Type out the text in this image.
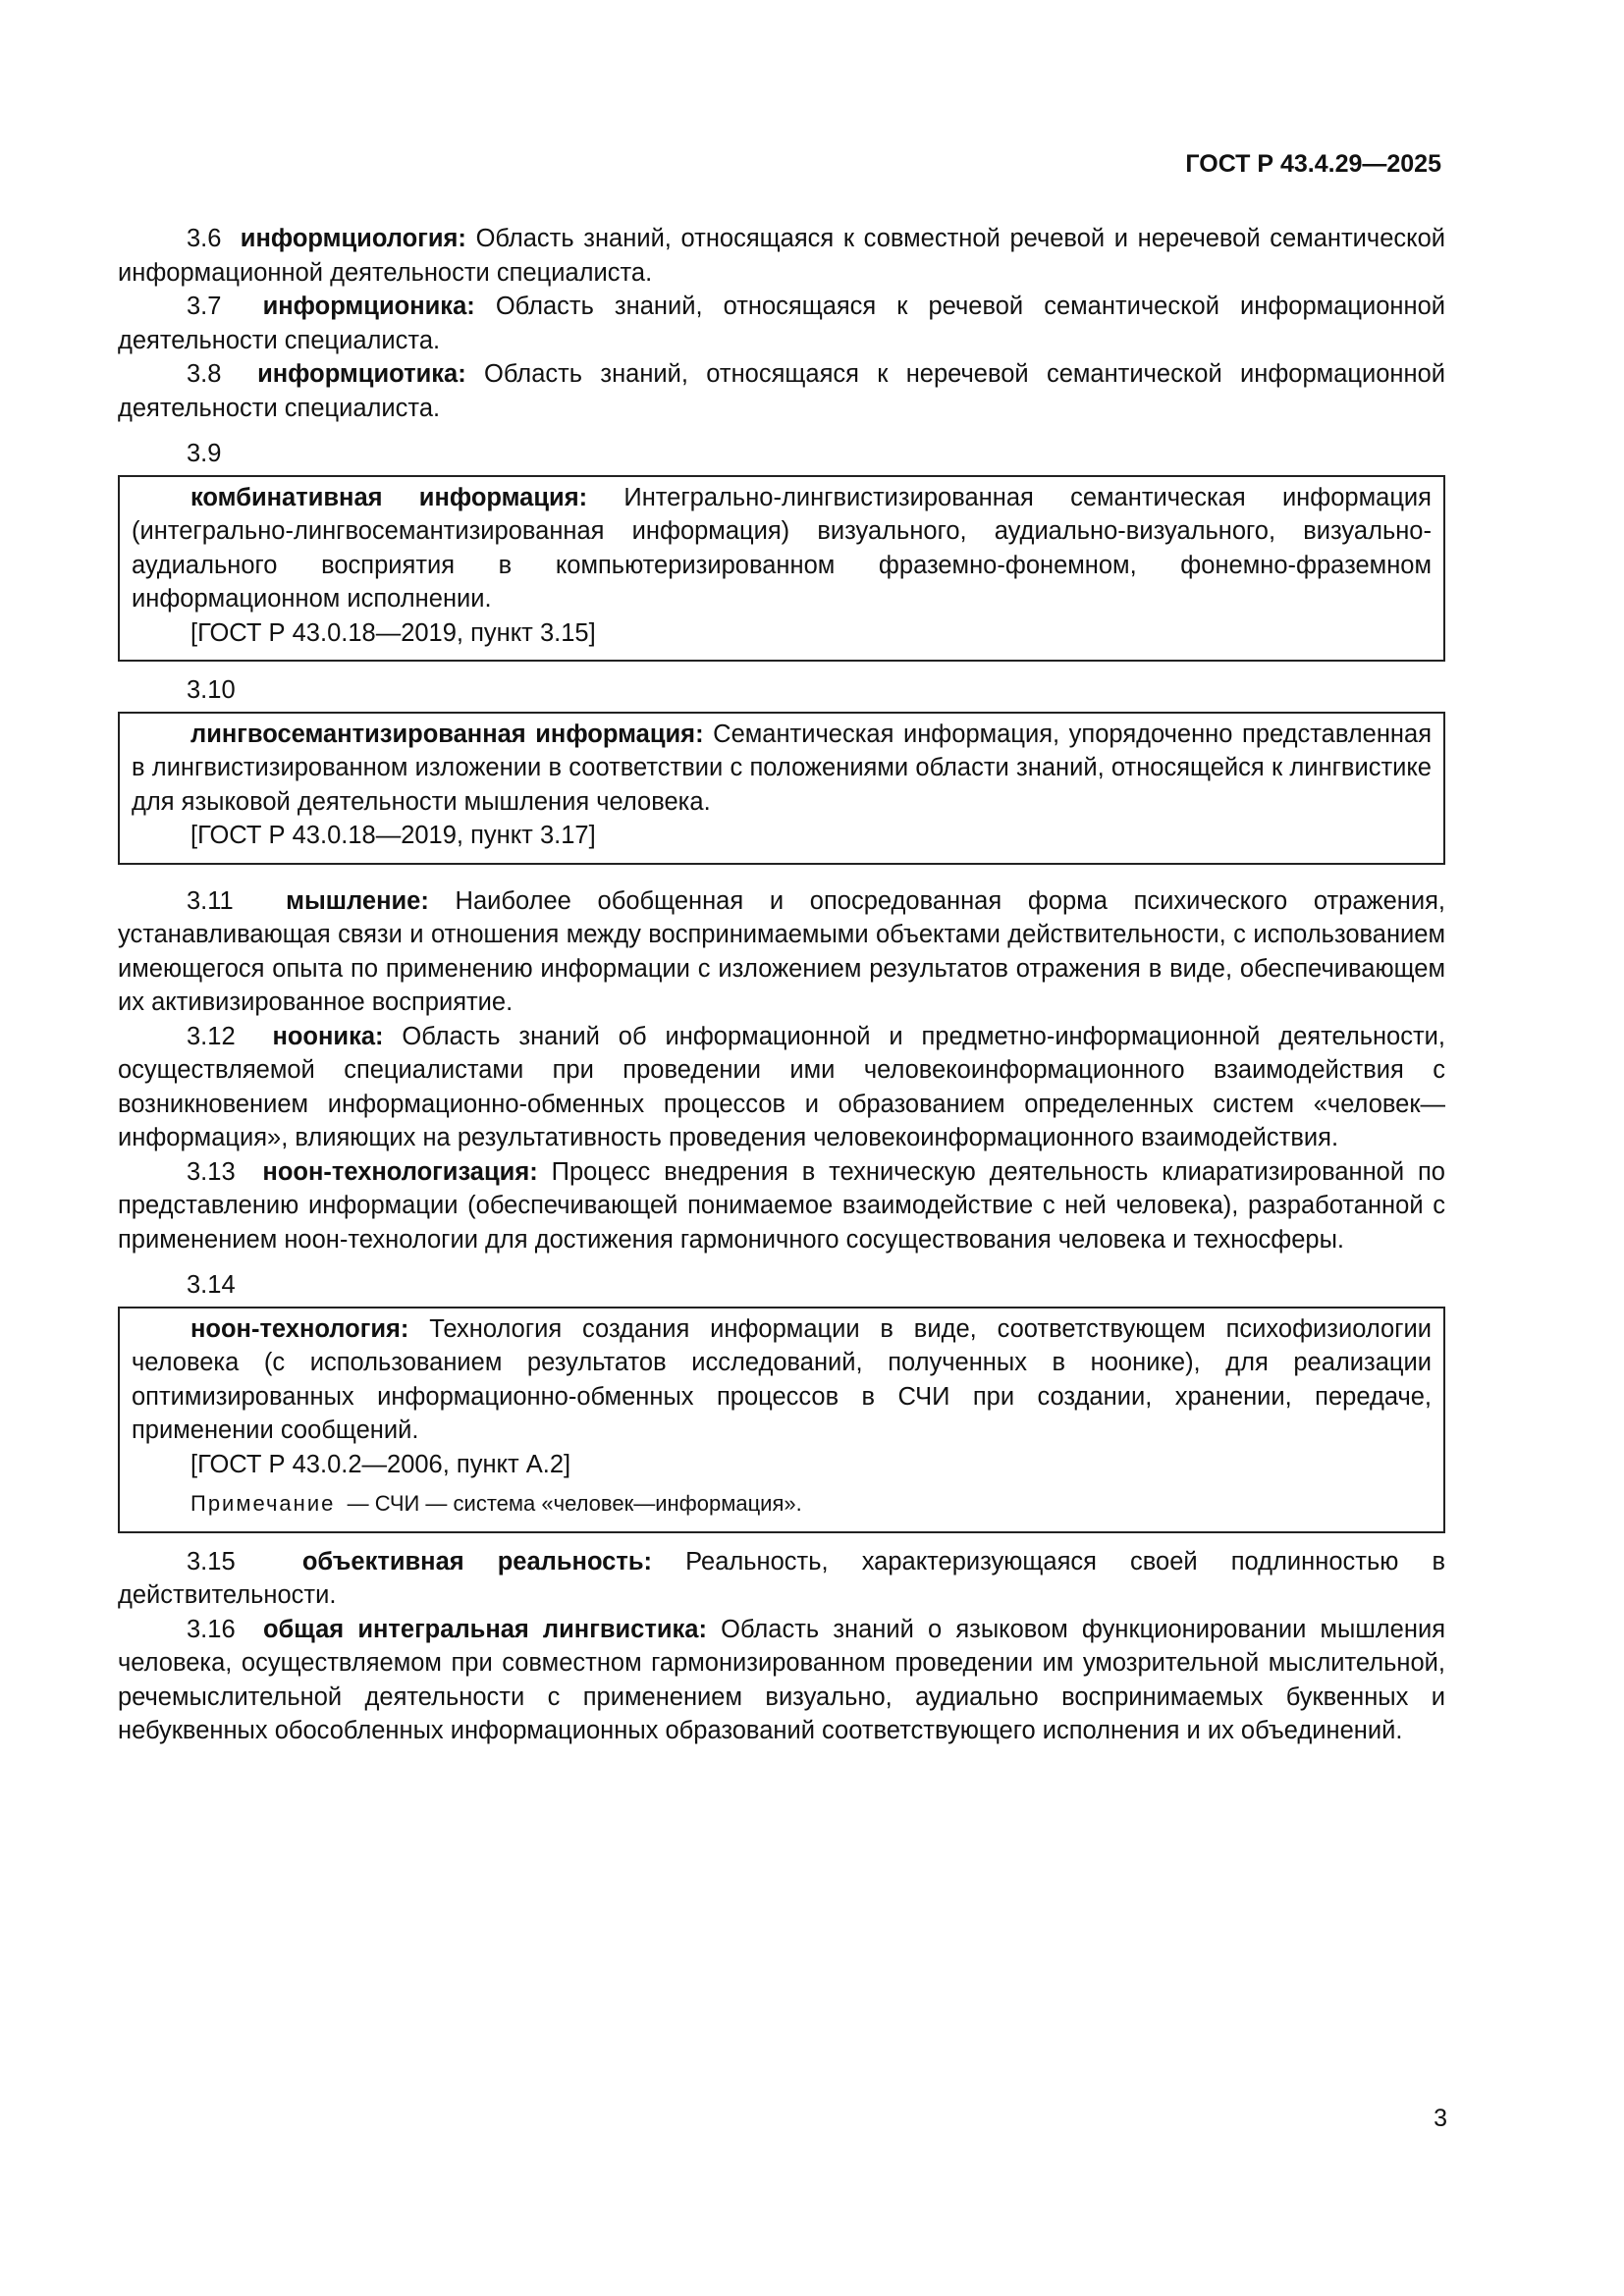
ГОСТ Р 43.4.29—2025

3.6 информциология: Область знаний, относящаяся к совместной речевой и неречевой семантической информационной деятельности специалиста.

3.7 информционика: Область знаний, относящаяся к речевой семантической информационной деятельности специалиста.

3.8 информциотика: Область знаний, относящаяся к неречевой семантической информационной деятельности специалиста.

3.9

комбинативная информация: Интегрально-лингвистизированная семантическая информация (интегрально-лингвосемантизированная информация) визуального, аудиально-визуального, визуально-аудиального восприятия в компьютеризированном фраземно-фонемном, фонемно-фраземном информационном исполнении.

[ГОСТ Р 43.0.18—2019, пункт 3.15]

3.10

лингвосемантизированная информация: Семантическая информация, упорядоченно представленная в лингвистизированном изложении в соответствии с положениями области знаний, относящейся к лингвистике для языковой деятельности мышления человека.

[ГОСТ Р 43.0.18—2019, пункт 3.17]

3.11 мышление: Наиболее обобщенная и опосредованная форма психического отражения, устанавливающая связи и отношения между воспринимаемыми объектами действительности, с использованием имеющегося опыта по применению информации с изложением результатов отражения в виде, обеспечивающем их активизированное восприятие.

3.12 нооника: Область знаний об информационной и предметно-информационной деятельности, осуществляемой специалистами при проведении ими человекоинформационного взаимодействия с возникновением информационно-обменных процессов и образованием определенных систем «человек—информация», влияющих на результативность проведения человекоинформационного взаимодействия.

3.13 ноон-технологизация: Процесс внедрения в техническую деятельность клиаратизированной по представлению информации (обеспечивающей понимаемое взаимодействие с ней человека), разработанной с применением ноон-технологии для достижения гармоничного сосуществования человека и техносферы.

3.14

ноон-технология: Технология создания информации в виде, соответствующем психофизиологии человека (с использованием результатов исследований, полученных в ноонике), для реализации оптимизированных информационно-обменных процессов в СЧИ при создании, хранении, передаче, применении сообщений.

[ГОСТ Р 43.0.2—2006, пункт А.2]

Примечание — СЧИ — система «человек—информация».

3.15	объективная реальность: Реальность, характеризующаяся своей подлинностью в действительности.

3.16 общая интегральная лингвистика: Область знаний о языковом функционировании мышления человека, осуществляемом при совместном гармонизированном проведении им умозрительной мыслительной, речемыслительной деятельности с применением визуально, аудиально воспринимаемых буквенных и небуквенных обособленных информационных образований соответствующего исполнения и их объединений.

3
